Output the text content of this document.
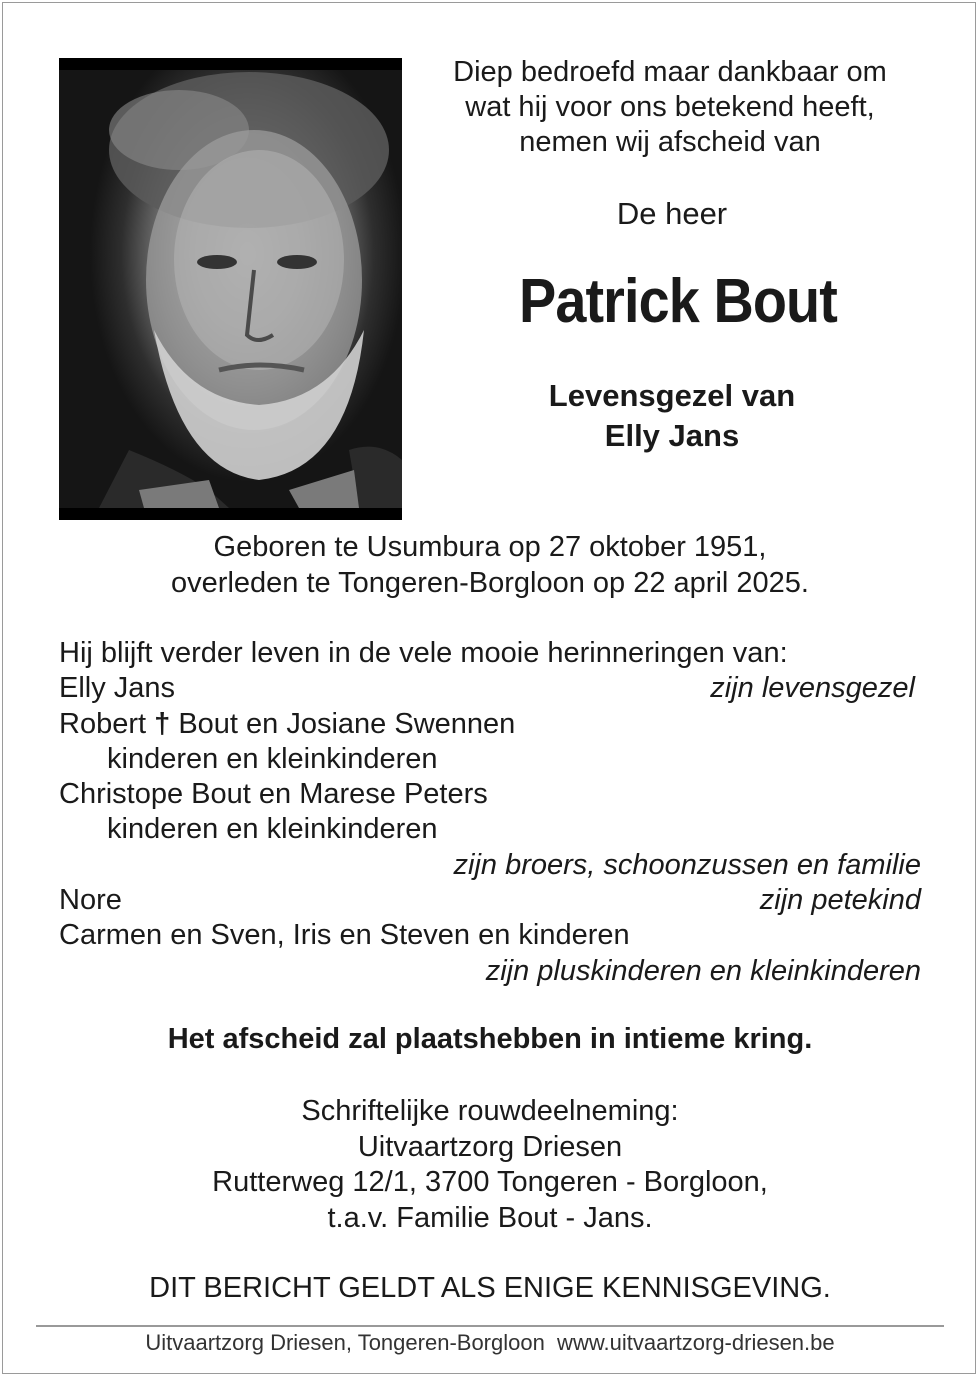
Diep bedroefd maar dankbaar om
wat hij voor ons betekend heeft,
nemen wij afscheid van
De heer
Patrick Bout
Levensgezel van
Elly Jans
Geboren te Usumbura op 27 oktober 1951,
overleden te Tongeren-Borgloon op 22 april 2025.
Hij blijft verder leven in de vele mooie herinneringen van:
Elly Jans	zijn levensgezel
Robert † Bout en Josiane Swennen
kinderen en kleinkinderen
Christope Bout en Marese Peters
kinderen en kleinkinderen
zijn broers, schoonzussen en familie
Nore	zijn petekind
Carmen en Sven, Iris en Steven en kinderen
zijn pluskinderen en kleinkinderen
Het afscheid zal plaatshebben in intieme kring.
Schriftelijke rouwdeelneming:
Uitvaartzorg Driesen
Rutterweg 12/1, 3700 Tongeren - Borgloon,
t.a.v. Familie Bout - Jans.
DIT BERICHT GELDT ALS ENIGE KENNISGEVING.
Uitvaartzorg Driesen, Tongeren-Borgloon  www.uitvaartzorg-driesen.be
